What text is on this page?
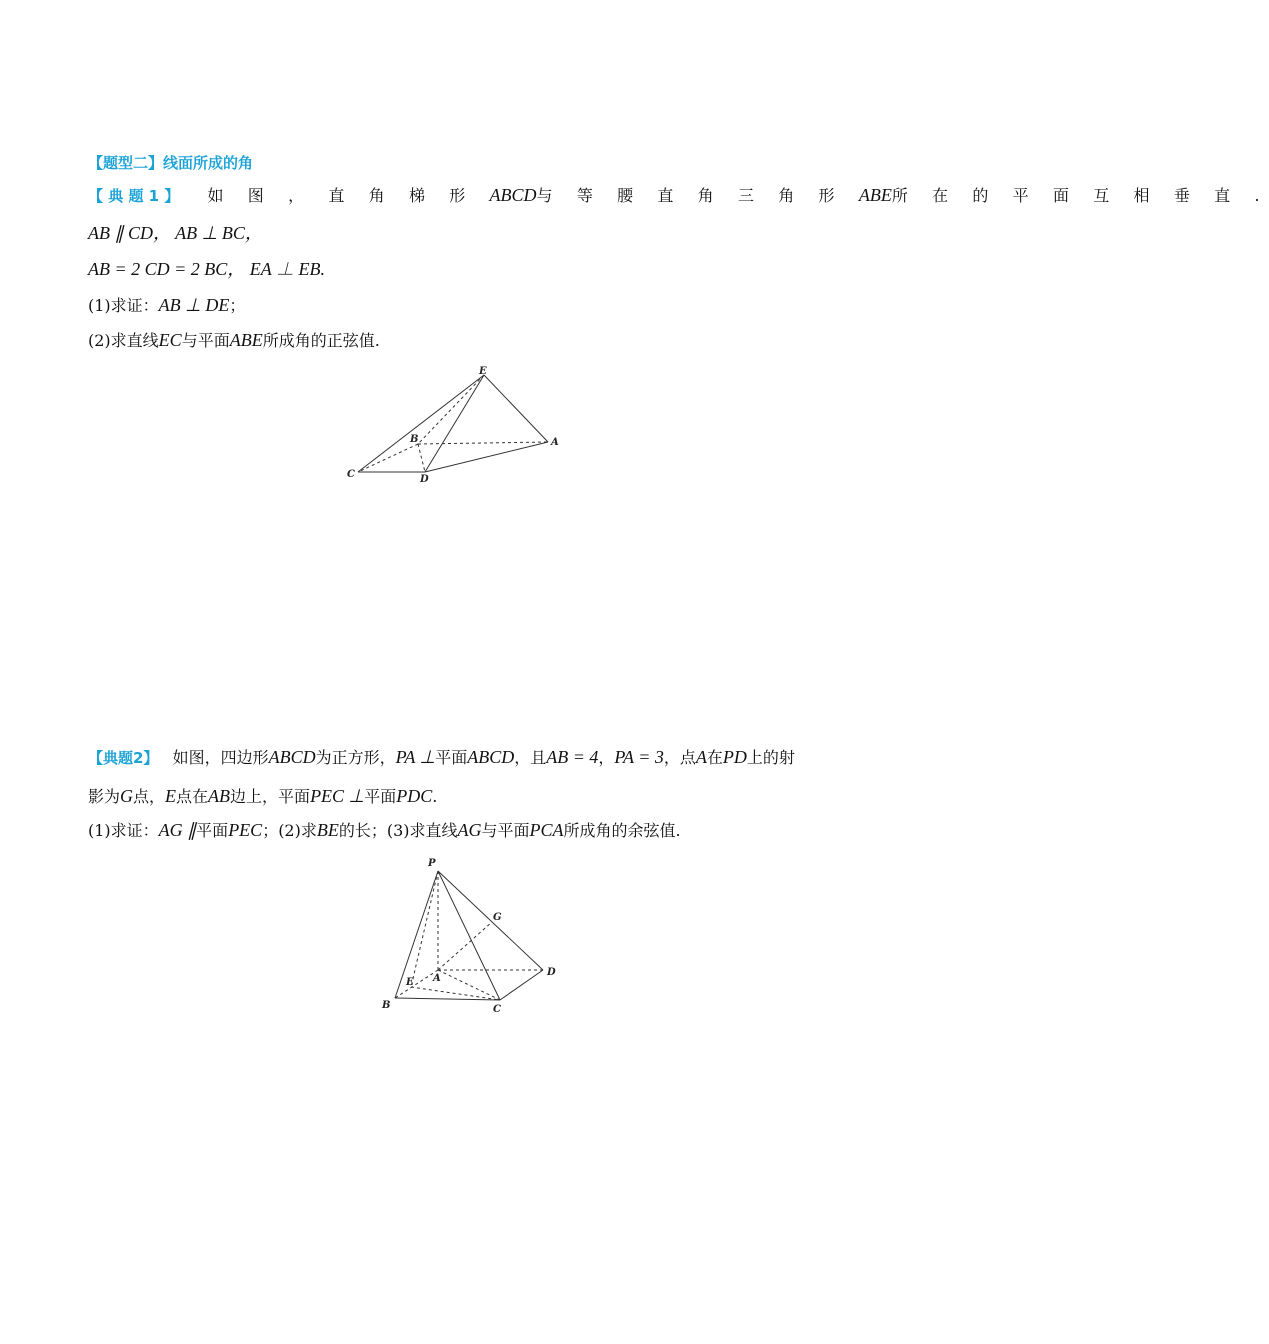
【题型二】线面所成的角
【 典 题 1 】 如 图 ， 直 角 梯 形 ABCD与 等 腰 直 角 三 角 形 ABE所 在 的 平 面 互 相 垂 直 .
AB ∥ CD， AB ⊥ BC，
AB = 2 CD = 2 BC， EA ⊥ EB.
(1)求证：AB ⊥ DE；
(2)求直线EC与平面ABE所成角的正弦值.
E
B	A
C	D
【典题2】 如图，四边形ABCD为正方形，PA ⊥平面ABCD，且AB = 4，PA = 3，点A在PD上的射
影为G点，E点在AB边上，平面PEC ⊥平面PDC.
(1)求证：AG ∥平面PEC；(2)求BE的长；(3)求直线AG与平面PCA所成角的余弦值.
P
G
D
E A
B	C
